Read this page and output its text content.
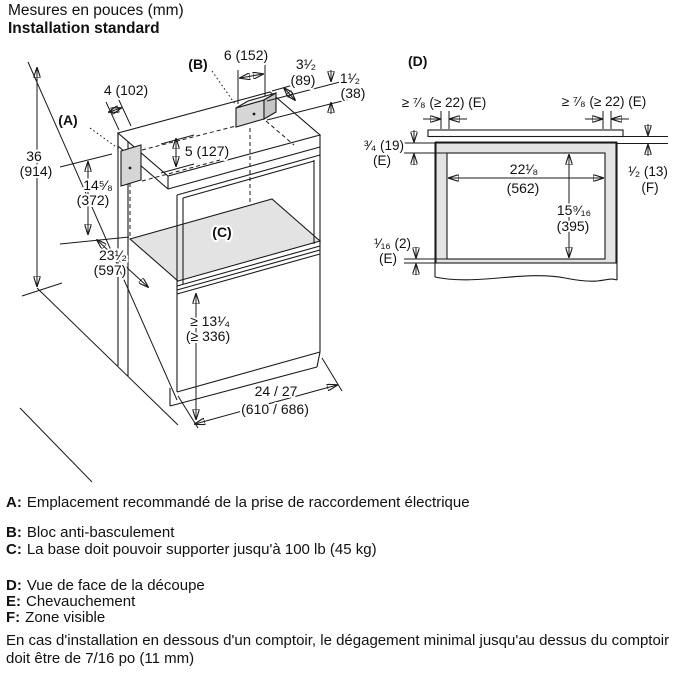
Mesures en pouces (mm)
Installation standard
(A)
(B)
(C)
36
(914)
4 (102)
6 (152)
3¹⁄₂
(89) 1¹⁄₂
(38)
5 (127)
14⁵⁄₈
(372)
23¹⁄₂
(597)
≥ 13¹⁄₄
(≥ 336)
24 / 27
(610 / 686)
(D)
≥ ⁷⁄₈ (≥ 22) (E)	≥ ⁷⁄₈ (≥ 22) (E)
³⁄₄ (19)
(E)
¹⁄₁₆ (2)
(E)
22¹⁄₈
(562)
15⁹⁄₁₆
(395)
¹⁄₂ (13)
(F)
A: Emplacement recommandé de la prise de raccordement électrique
B: Bloc anti-basculement
C: La base doit pouvoir supporter jusqu'à 100 lb (45 kg)
D: Vue de face de la découpe
E: Chevauchement
F: Zone visible
En cas d'installation en dessous d'un comptoir, le dégagement minimal jusqu'au dessus du comptoir doit être de 7/16 po (11 mm)
